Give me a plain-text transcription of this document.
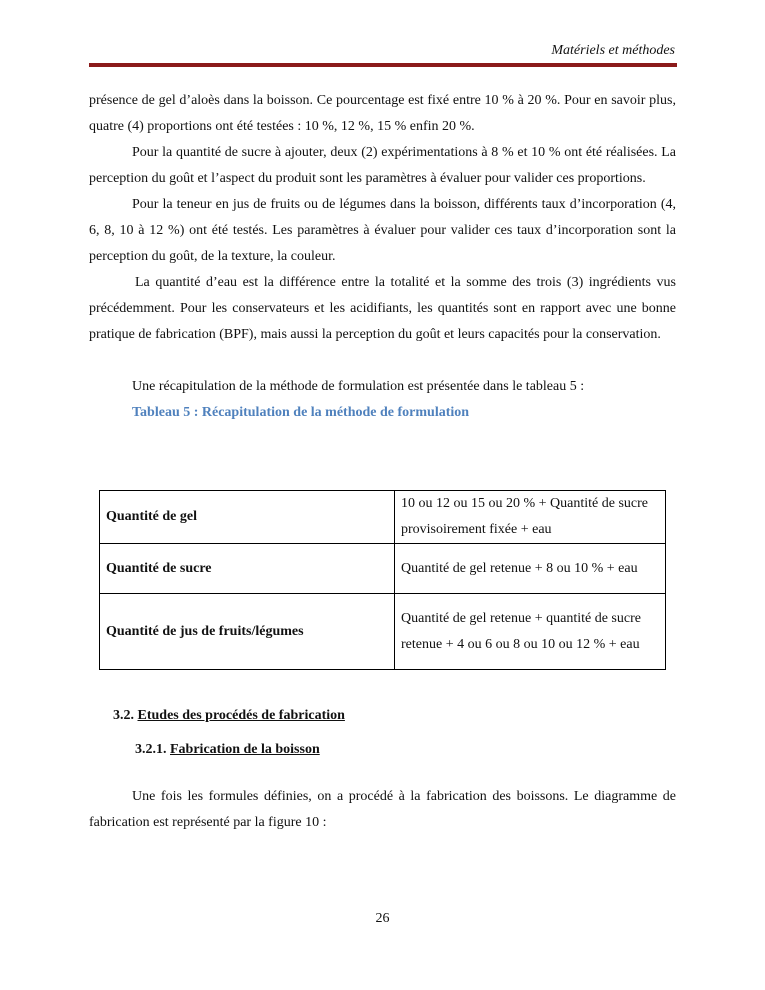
Matériels et méthodes

présence de gel d’aloès dans la boisson. Ce pourcentage est fixé entre 10 % à 20 %. Pour en savoir plus, quatre (4) proportions ont été testées : 10 %, 12 %, 15 % enfin 20 %.

Pour la quantité de sucre à ajouter, deux (2) expérimentations à 8 % et 10 % ont été réalisées. La perception du goût et l’aspect du produit sont les paramètres à évaluer pour valider ces proportions.

Pour la teneur en jus de fruits ou de légumes dans la boisson, différents taux d’incorporation (4, 6, 8, 10 à 12 %) ont été testés. Les paramètres à évaluer pour valider ces taux d’incorporation sont la perception du goût, de la texture, la couleur.

La quantité d’eau est la différence entre la totalité et la somme des trois (3) ingrédients vus précédemment. Pour les conservateurs et les acidifiants, les quantités sont en rapport avec une bonne pratique de fabrication (BPF), mais aussi la perception du goût et leurs capacités pour la conservation.

Une récapitulation de la méthode de formulation est présentée dans le tableau 5 :

Tableau 5 : Récapitulation de la méthode de formulation

Quantité de gel	10 ou 12 ou 15 ou 20 % + Quantité de sucre provisoirement fixée + eau
Quantité de sucre	Quantité de gel retenue + 8 ou 10 % + eau
Quantité de jus de fruits/légumes	Quantité de gel retenue + quantité de sucre retenue + 4 ou 6 ou 8 ou 10 ou 12 % + eau
3.2. Etudes des procédés de fabrication
3.2.1. Fabrication de la boisson

Une fois les formules définies, on a procédé à la fabrication des boissons. Le diagramme de fabrication est représenté par la figure 10 :

26
